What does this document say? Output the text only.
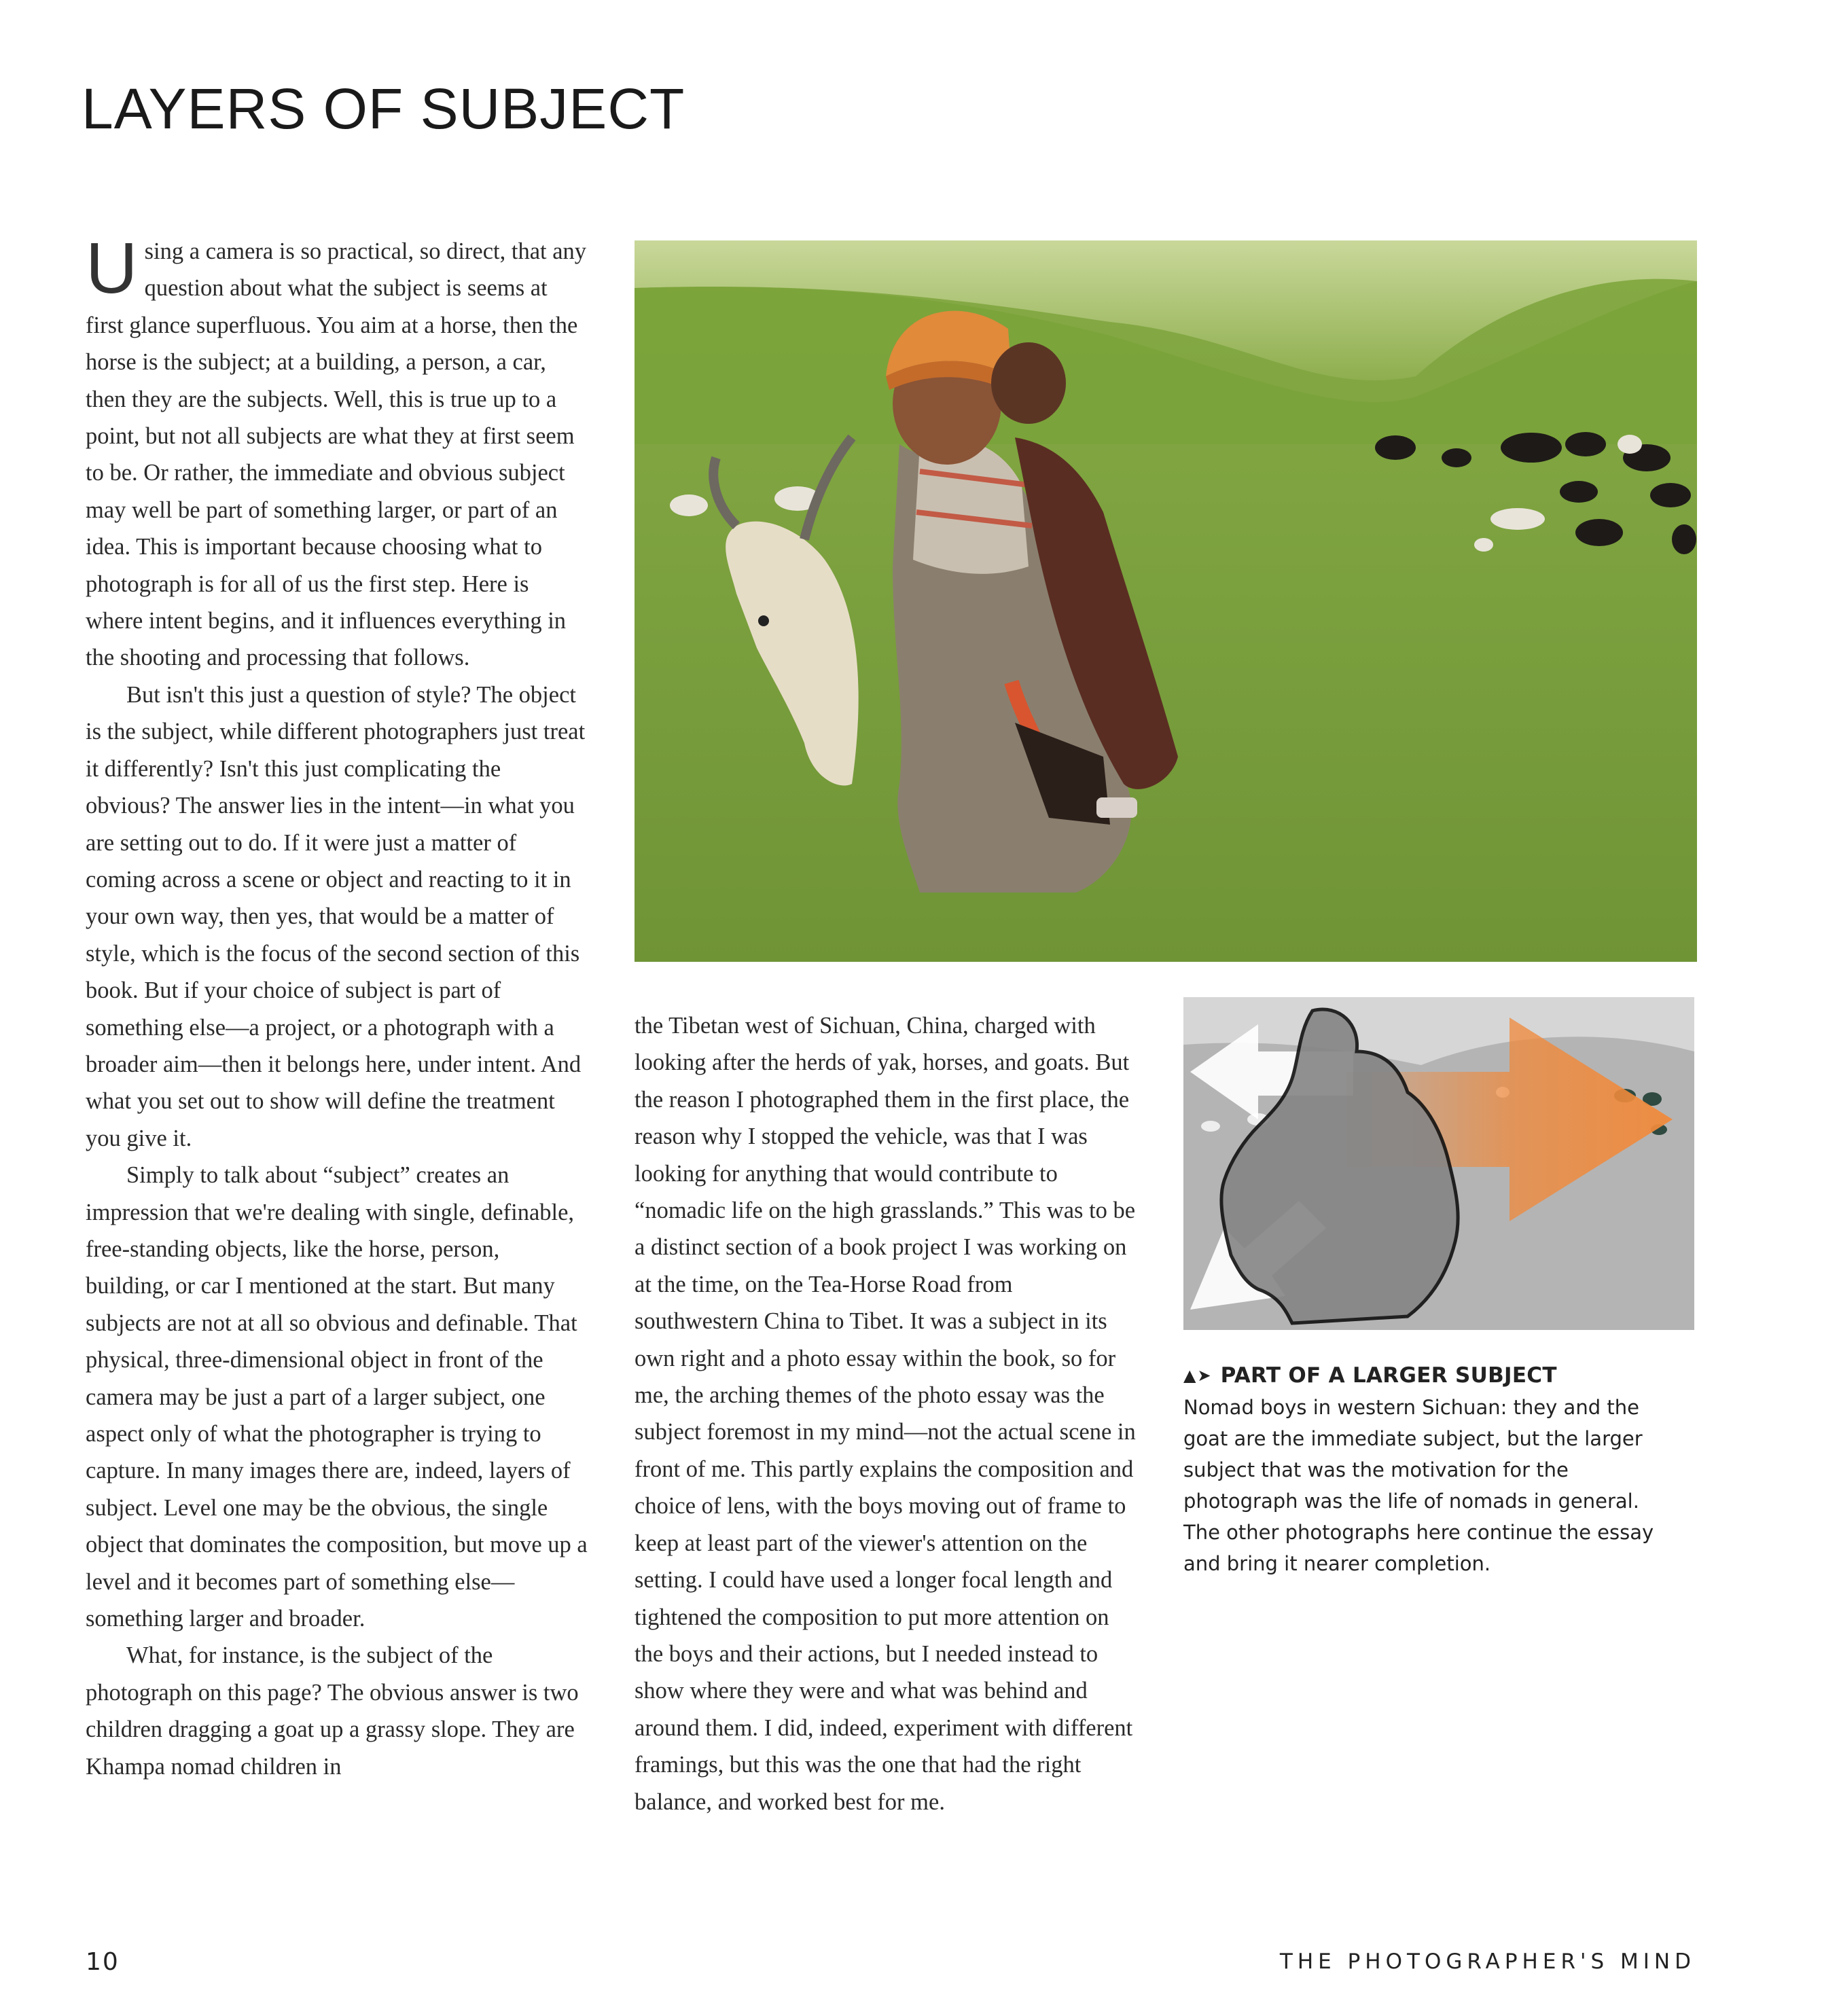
LAYERS OF SUBJECT

Using a camera is so practical, so direct, that any question about what the subject is seems at first glance superfluous. You aim at a horse, then the horse is the subject; at a building, a person, a car, then they are the subjects. Well, this is true up to a point, but not all subjects are what they at first seem to be. Or rather, the immediate and obvious subject may well be part of something larger, or part of an idea. This is important because choosing what to photograph is for all of us the first step. Here is where intent begins, and it influences everything in the shooting and processing that follows.

But isn't this just a question of style? The object is the subject, while different photographers just treat it differently? Isn't this just complicating the obvious? The answer lies in the intent—in what you are setting out to do. If it were just a matter of coming across a scene or object and reacting to it in your own way, then yes, that would be a matter of style, which is the focus of the second section of this book. But if your choice of subject is part of something else—a project, or a photograph with a broader aim—then it belongs here, under intent. And what you set out to show will define the treatment you give it.

Simply to talk about “subject” creates an impression that we're dealing with single, definable, free-standing objects, like the horse, person, building, or car I mentioned at the start. But many subjects are not at all so obvious and definable. That physical, three-dimensional object in front of the camera may be just a part of a larger subject, one aspect only of what the photographer is trying to capture. In many images there are, indeed, layers of subject. Level one may be the obvious, the single object that dominates the composition, but move up a level and it becomes part of something else—something larger and broader.

What, for instance, is the subject of the photograph on this page? The obvious answer is two children dragging a goat up a grassy slope. They are Khampa nomad children in

the Tibetan west of Sichuan, China, charged with looking after the herds of yak, horses, and goats. But the reason I photographed them in the first place, the reason why I stopped the vehicle, was that I was looking for anything that would contribute to “nomadic life on the high grasslands.” This was to be a distinct section of a book project I was working on at the time, on the Tea-Horse Road from southwestern China to Tibet. It was a subject in its own right and a photo essay within the book, so for me, the arching themes of the photo essay was the subject foremost in my mind—not the actual scene in front of me. This partly explains the composition and choice of lens, with the boys moving out of frame to keep at least part of the viewer's attention on the setting. I could have used a longer focal length and tightened the composition to put more attention on the boys and their actions, but I needed instead to show where they were and what was behind and around them. I did, indeed, experiment with different framings, but this was the one that had the right balance, and worked best for me.

▲➤ PART OF A LARGER SUBJECT
Nomad boys in western Sichuan: they and the goat are the immediate subject, but the larger subject that was the motivation for the photograph was the life of nomads in general. The other photographs here continue the essay and bring it nearer completion.
10	THE PHOTOGRAPHER'S MIND
